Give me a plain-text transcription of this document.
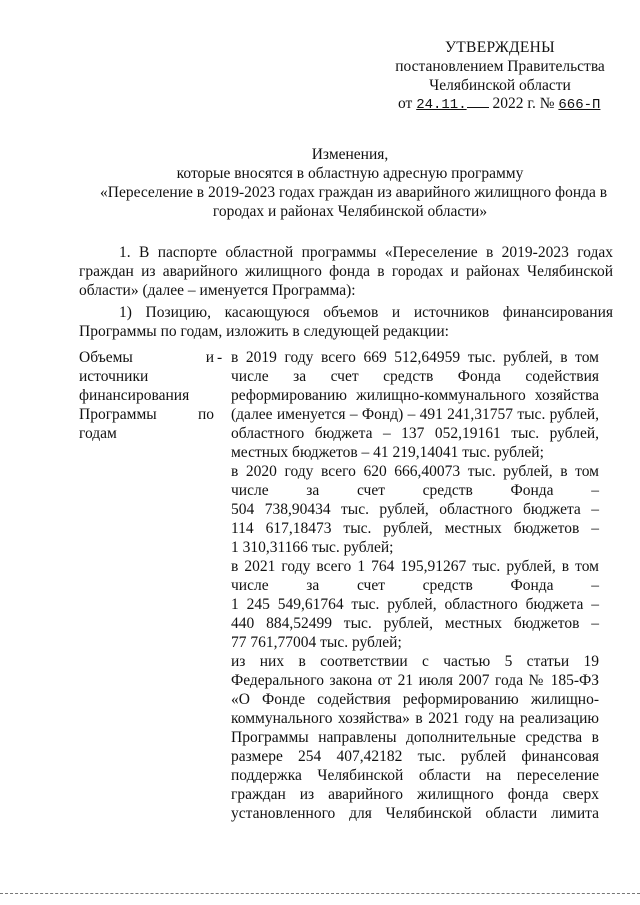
УТВЕРЖДЕНЫ
постановлением Правительства
Челябинской области
от 24.11. 2022 г. № 666-П
Изменения,
которые вносятся в областную адресную программу
«Переселение в 2019-2023 годах граждан из аварийного жилищного фонда в
городах и районах Челябинской области»
1. В паспорте областной программы «Переселение в 2019-2023 годах
граждан из аварийного жилищного фонда в городах и районах Челябинской
области» (далее – именуется Программа):
1) Позицию, касающуюся объемов и источников финансирования
Программы по годам, изложить в следующей редакции:
Объемы	и
источники
финансирования
Программы	по
годам
- в 2019 году всего 669 512,64959 тыс. рублей, в том
числе за счет средств Фонда содействия
реформированию жилищно-коммунального хозяйства
(далее именуется – Фонд) – 491 241,31757 тыс. рублей,
областного бюджета – 137 052,19161 тыс. рублей,
местных бюджетов – 41 219,14041 тыс. рублей;
в 2020 году всего 620 666,40073 тыс. рублей, в том
числе за счет средств Фонда –
504 738,90434 тыс. рублей, областного бюджета –
114 617,18473 тыс. рублей, местных бюджетов –
1 310,31166 тыс. рублей;
в 2021 году всего 1 764 195,91267 тыс. рублей, в том
числе за счет средств Фонда –
1 245 549,61764 тыс. рублей, областного бюджета –
440 884,52499 тыс. рублей, местных бюджетов –
77 761,77004 тыс. рублей;
из них в соответствии с частью 5 статьи 19
Федерального закона от 21 июля 2007 года № 185-ФЗ
«О Фонде содействия реформированию жилищно-
коммунального хозяйства» в 2021 году на реализацию
Программы направлены дополнительные средства в
размере 254 407,42182 тыс. рублей финансовая
поддержка Челябинской области на переселение
граждан из аварийного жилищного фонда сверх
установленного для Челябинской области лимита
